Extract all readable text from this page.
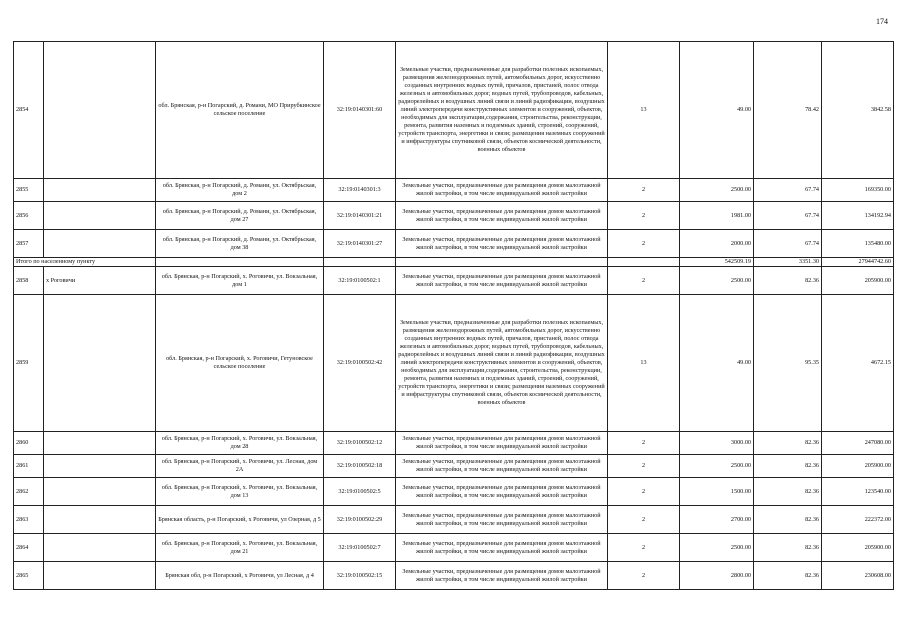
174
2854		обл. Брянская, р-н Погарский, д. Романи, МО Прирубкинское сельское поселение	32:19:0140301:60	Земельные участки, предназначенные для разработки полезных ископаемых, размещения железнодорожных путей, автомобильных дорог, искусственно созданных внутренних водных путей, причалов, пристаней, полос отвода железных и автомобильных дорог, водных путей, трубопроводов, кабельных, радиорелейных и воздушных линий связи и линий радиофикации, воздушных линий электропередачи конструктивных элементов и сооружений, объектов, необходимых для эксплуатации,содержания, строительства, реконструкции, ремонта, развития наземных и подземных зданий, строений, сооружений, устройств транспорта, энергетики и связи; размещения наземных сооружений и инфраструктуры спутниковой связи, объектов космической деятельности, военных объектов	13	49.00	78.42	3842.58
2855		обл. Брянская, р-н Погарский, д. Романи, ул. Октябрьская, дом 2	32:19:0140301:3	Земельные участки, предназначенные для размещения домов малоэтажной жилой застройки, в том числе индивидуальной жилой застройки	2	2500.00	67.74	169350.00
2856		обл. Брянская, р-н Погарский, д. Романи, ул. Октябрьская, дом 27	32:19:0140301:21	Земельные участки, предназначенные для размещения домов малоэтажной жилой застройки, в том числе индивидуальной жилой застройки	2	1981.00	67.74	134192.94
2857		обл. Брянская, р-н Погарский, д. Романи, ул. Октябрьская, дом 38	32:19:0140301:27	Земельные участки, предназначенные для размещения домов малоэтажной жилой застройки, в том числе индивидуальной жилой застройки	2	2000.00	67.74	135480.00
Итого по населенному пункту						542509.19	3351.30	27944742.60
2858	х Роговичи	обл. Брянская, р-н Погарский, х. Роговичи, ул. Вокзальная, дом 1	32:19:0100502:1	Земельные участки, предназначенные для размещения домов малоэтажной жилой застройки, в том числе индивидуальной жилой застройки	2	2500.00	82.36	205900.00
2859		обл. Брянская, р-н Погарский, х. Роговичи, Гетуновское сельское поселение	32:19:0100502:42	Земельные участки, предназначенные для разработки полезных ископаемых, размещения железнодорожных путей, автомобильных дорог, искусственно созданных внутренних водных путей, причалов, пристаней, полос отвода железных и автомобильных дорог, водных путей, трубопроводов, кабельных, радиорелейных и воздушных линий связи и линий радиофикации, воздушных линий электропередачи конструктивных элементов и сооружений, объектов, необходимых для эксплуатации,содержания, строительства, реконструкции, ремонта, развития наземных и подземных зданий, строений, сооружений, устройств транспорта, энергетики и связи; размещения наземных сооружений и инфраструктуры спутниковой связи, объектов космической деятельности, военных объектов	13	49.00	95.35	4672.15
2860		обл. Брянская, р-н Погарский, х. Роговичи, ул. Вокзальная, дом 28	32:19:0100502:12	Земельные участки, предназначенные для размещения домов малоэтажной жилой застройки, в том числе индивидуальной жилой застройки	2	3000.00	82.36	247080.00
2861		обл. Брянская, р-н Погарский, х. Роговичи, ул. Лесная, дом 2А	32:19:0100502:18	Земельные участки, предназначенные для размещения домов малоэтажной жилой застройки, в том числе индивидуальной жилой застройки	2	2500.00	82.36	205900.00
2862		обл. Брянская, р-н Погарский, х. Роговичи, ул. Вокзальная, дом 13	32:19:0100502:5	Земельные участки, предназначенные для размещения домов малоэтажной жилой застройки, в том числе индивидуальной жилой застройки	2	1500.00	82.36	123540.00
2863		Брянская область, р-н Погарский, х Роговичи, ул Озерная, д 5	32:19:0100502:29	Земельные участки, предназначенные для размещения домов малоэтажной жилой застройки, в том числе индивидуальной жилой застройки	2	2700.00	82.36	222372.00
2864		обл. Брянская, р-н Погарский, х. Роговичи, ул. Вокзальная, дом 21	32:19:0100502:7	Земельные участки, предназначенные для размещения домов малоэтажной жилой застройки, в том числе индивидуальной жилой застройки	2	2500.00	82.36	205900.00
2865		Брянская обл, р-н Погарский, х Роговичи, ул Лесная, д 4	32:19:0100502:15	Земельные участки, предназначенные для размещения домов малоэтажной жилой застройки, в том числе индивидуальной жилой застройки	2	2800.00	82.36	230608.00
